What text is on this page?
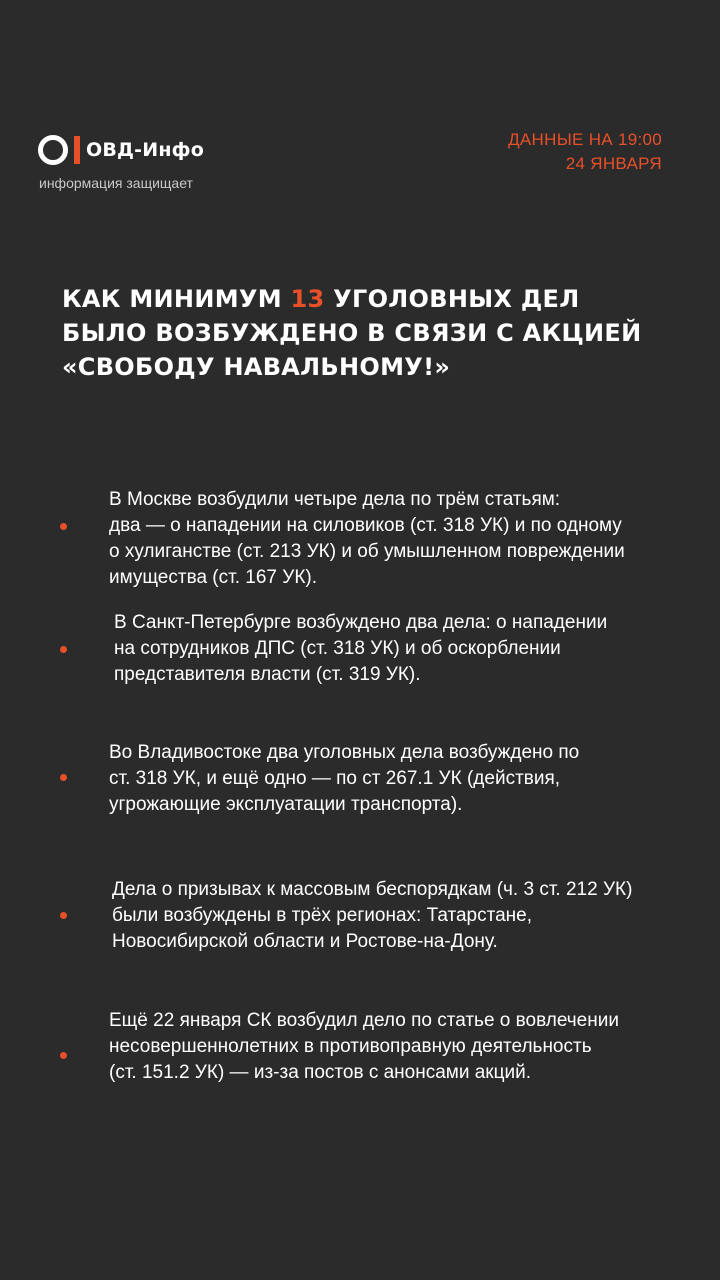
ОВД-Инфо
информация защищает
ДАННЫЕ НА 19:00
24 ЯНВАРЯ
КАК МИНИМУМ 13 УГОЛОВНЫХ ДЕЛ
БЫЛО ВОЗБУЖДЕНО В СВЯЗИ С АКЦИЕЙ
«СВОБОДУ НАВАЛЬНОМУ!»
В Москве возбудили четыре дела по трём статьям:
два — о нападении на силовиков (ст. 318 УК) и по одному
о хулиганстве (ст. 213 УК) и об умышленном повреждении
имущества (ст. 167 УК).
В Санкт-Петербурге возбуждено два дела: о нападении
на сотрудников ДПС (ст. 318 УК) и об оскорблении
представителя власти (ст. 319 УК).
Во Владивостоке два уголовных дела возбуждено по
ст. 318 УК, и ещё одно — по ст 267.1 УК (действия,
угрожающие эксплуатации транспорта).
Дела о призывах к массовым беспорядкам (ч. 3 ст. 212 УК)
были возбуждены в трёх регионах: Татарстане,
Новосибирской области и Ростове-на-Дону.
Ещё 22 января СК возбудил дело по статье о вовлечении
несовершеннолетних в противоправную деятельность
(ст. 151.2 УК) — из-за постов с анонсами акций.
